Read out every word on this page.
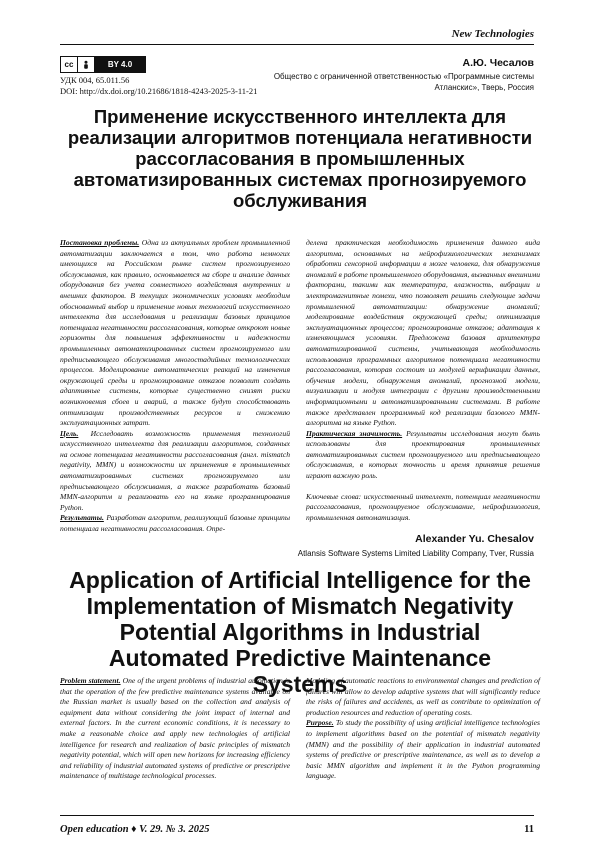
New Technologies
cc	BY 4.0
УДК 004, 65.011.56
DOI: http://dx.doi.org/10.21686/1818-4243-2025-3-11-21
А.Ю. Чесалов
Общество с ограниченной ответственностью «Программные системы Атланскис», Тверь, Россия
Применение искусственного интеллекта для реализации алгоритмов потенциала негативности рассогласования в промышленных автоматизированных системах прогнозируемого обслуживания

Постановка проблемы. Одна из актуальных проблем промышленной автоматизации заключается в том, что работа немногих имеющихся на Российском рынке систем прогнозируемого обслуживания, как правило, основывается на сборе и анализе данных оборудования без учета совместного воздействия внутренних и внешних факторов. В текущих экономических условиях необходим обоснованный выбор и применение новых технологий искусственного интеллекта для исследования и реализации базовых принципов потенциала негативности рассогласования, которые откроют новые горизонты для повышения эффективности и надежности промышленных автоматизированных систем прогнозируемого или предписывающего обслуживания многостадийных технологических процессов. Моделирование автоматических реакций на изменения окружающей среды и прогнозирование отказов позволит создать адаптивные системы, которые существенно снизят риски возникновения сбоев и аварий, а также будут способствовать оптимизации производственных ресурсов и снижению эксплуатационных затрат.

Цель. Исследовать возможность применения технологий искусственного интеллекта для реализации алгоритмов, созданных на основе потенциала негативности рассогласования (англ. mismatch negativity, MMN) и возможности их применения в промышленных автоматизированных системах прогнозируемого или предписывающего обслуживания, а также разработать базовый MMN-алгоритм и реализовать его на языке программирования Python.

Результаты. Разработан алгоритм, реализующий базовые принципы потенциала негативности рассогласования. Опре-

делена практическая необходимость применения данного вида алгоритма, основанных на нейрофизиологических механизмах обработки сенсорной информации в мозге человека, для обнаружения аномалий в работе промышленного оборудования, вызванных внешними факторами, такими как температура, влажность, вибрации и электромагнитные помехи, что позволяет решить следующие задачи промышленной автоматизации: обнаружение аномалий; моделирование воздействия окружающей среды; оптимизация эксплуатационных процессов; прогнозирование отказов; адаптация к изменяющимся условиям. Предложена базовая архитектура автоматизированной системы, учитывающая необходимость использования программных алгоритмов потенциала негативности рассогласования, которая состоит из модулей верификации данных, обучения модели, обнаружения аномалий, прогнозной модели, визуализации и модуля интеграции с другими производственными информационными и автоматизированными системами. В работе также представлен программный код реализации базового MMN-алгоритма на языке Python.

Практическая значимость. Результаты исследования могут быть использованы для проектирования промышленных автоматизированных систем прогнозируемого или предписывающего обслуживания, в которых точность и время принятия решения играют важную роль.

Ключевые слова: искусственный интеллект, потенциал негативности рассогласования, прогнозируемое обслуживание, нейрофизиология, промышленная автоматизация.

Alexander Yu. Chesalov
Atlansis Software Systems Limited Liability Company, Tver, Russia
Application of Artificial Intelligence for the Implementation of Mismatch Negativity Potential Algorithms in Industrial Automated Predictive Maintenance Systems

Problem statement. One of the urgent problems of industrial automation is that the operation of the few predictive maintenance systems available on the Russian market is usually based on the collection and analysis of equipment data without considering the joint impact of internal and external factors. In the current economic conditions, it is necessary to make a reasonable choice and apply new technologies of artificial intelligence for research and realization of basic principles of mismatch negativity potential, which will open new horizons for increasing efficiency and reliability of industrial automated systems of predictive or prescriptive maintenance of multistage technological processes.

Modeling of automatic reactions to environmental changes and prediction of failures will allow to develop adaptive systems that will significantly reduce the risks of failures and accidents, as well as contribute to optimization of production resources and reduction of operating costs.

Purpose. To study the possibility of using artificial intelligence technologies to implement algorithms based on the potential of mismatch negativity (MMN) and the possibility of their application in industrial automated systems of predictive or prescriptive maintenance, as well as to develop a basic MMN algorithm and implement it in the Python programming language.

Open education ♦ V. 29. № 3. 2025	11
